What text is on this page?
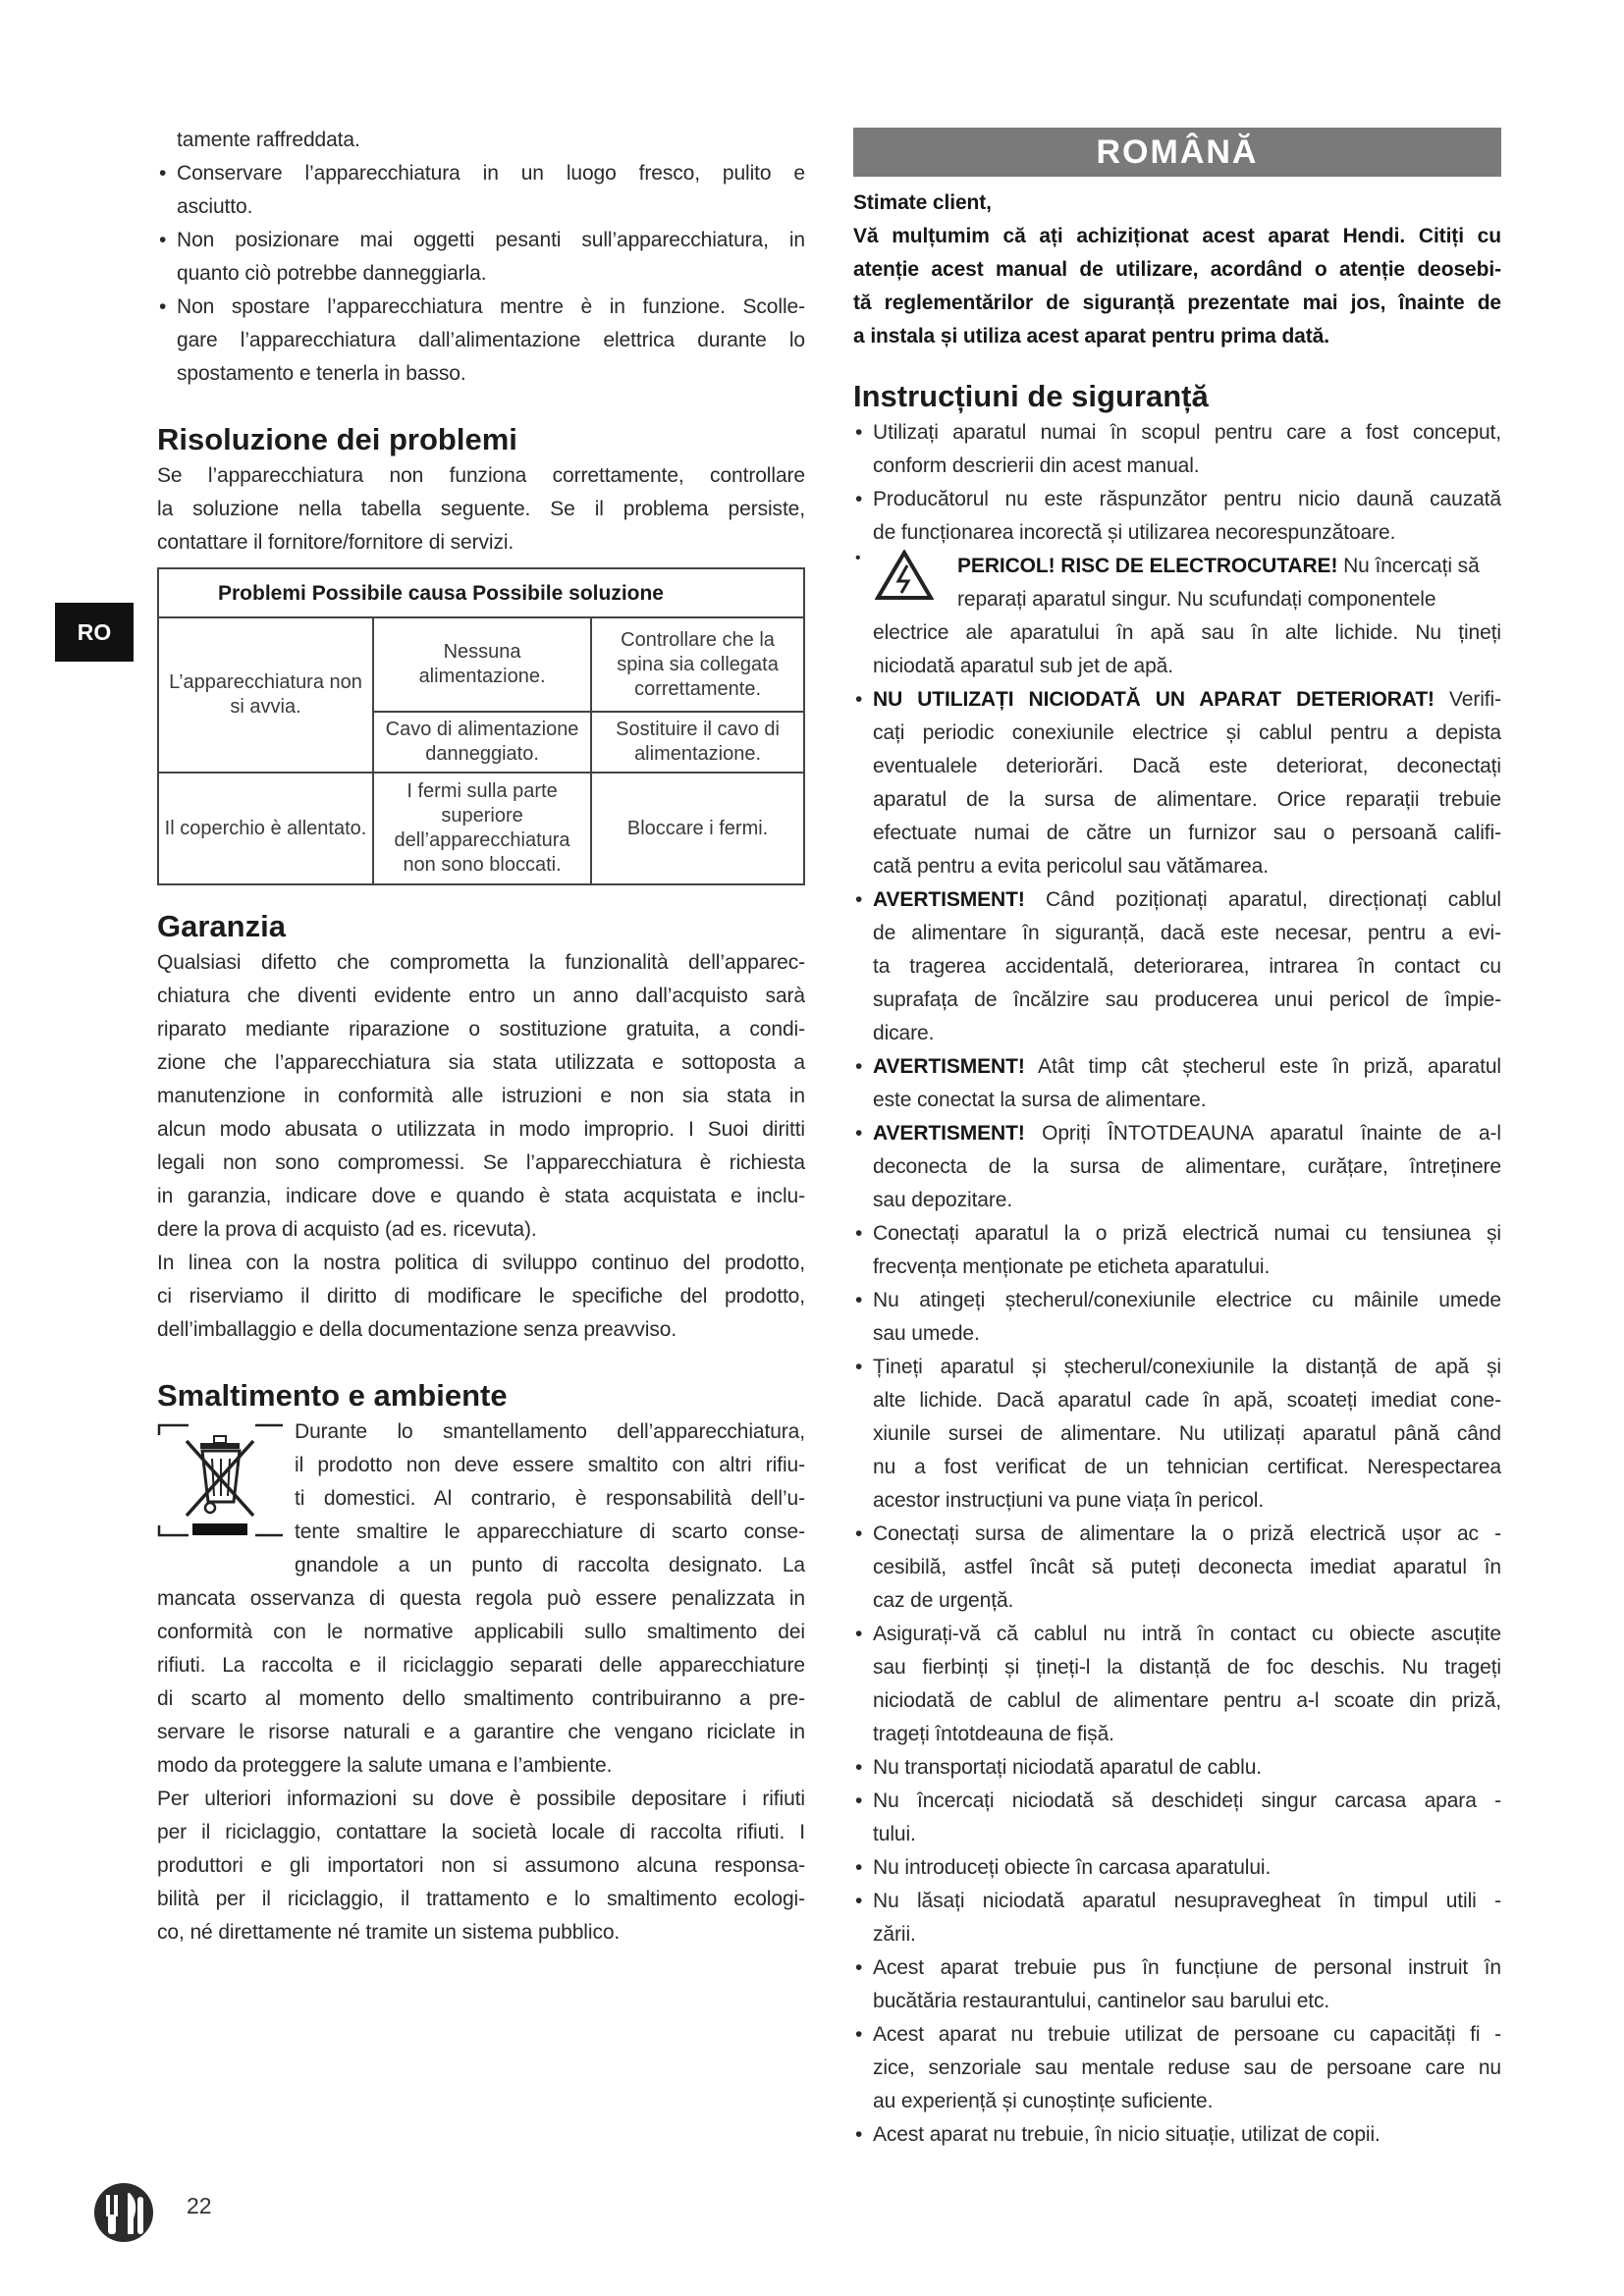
RO
tamente raffreddata.
• Conservare l’apparecchiatura in un luogo fresco, pulito e
asciutto.
• Non posizionare mai oggetti pesanti sull’apparecchiatura, in
quanto ciò potrebbe danneggiarla.
• Non spostare l’apparecchiatura mentre è in funzione. Scolle-
gare l’apparecchiatura dall’alimentazione elettrica durante lo
spostamento e tenerla in basso.
Risoluzione dei problemi
Se l’apparecchiatura non funziona correttamente, controllare
la soluzione nella tabella seguente. Se il problema persiste,
contattare il fornitore/fornitore di servizi.
Problemi Possibile causa Possibile soluzione		
L’apparecchiatura non si avvia.	Nessuna alimentazione.	Controllare che la spina sia collegata correttamente.
	Cavo di alimentazione danneggiato.	Sostituire il cavo di alimentazione.
Il coperchio è allentato.	I fermi sulla parte superiore dell’apparecchiatura non sono bloccati.	Bloccare i fermi.
Garanzia
Qualsiasi difetto che comprometta la funzionalità dell’apparec-
chiatura che diventi evidente entro un anno dall’acquisto sarà
riparato mediante riparazione o sostituzione gratuita, a condi-
zione che l’apparecchiatura sia stata utilizzata e sottoposta a
manutenzione in conformità alle istruzioni e non sia stata in
alcun modo abusata o utilizzata in modo improprio. I Suoi diritti
legali non sono compromessi. Se l’apparecchiatura è richiesta
in garanzia, indicare dove e quando è stata acquistata e inclu-
dere la prova di acquisto (ad es. ricevuta).
In linea con la nostra politica di sviluppo continuo del prodotto,
ci riserviamo il diritto di modificare le specifiche del prodotto,
dell’imballaggio e della documentazione senza preavviso.
Smaltimento e ambiente
Durante lo smantellamento dell’apparecchiatura,
il prodotto non deve essere smaltito con altri rifiu-
ti domestici. Al contrario, è responsabilità dell’u-
tente smaltire le apparecchiature di scarto conse-
gnandole a un punto di raccolta designato. La
mancata osservanza di questa regola può essere penalizzata in
conformità con le normative applicabili sullo smaltimento dei
rifiuti. La raccolta e il riciclaggio separati delle apparecchiature
di scarto al momento dello smaltimento contribuiranno a pre-
servare le risorse naturali e a garantire che vengano riciclate in
modo da proteggere la salute umana e l’ambiente.
Per ulteriori informazioni su dove è possibile depositare i rifiuti
per il riciclaggio, contattare la società locale di raccolta rifiuti. I
produttori e gli importatori non si assumono alcuna responsa-
bilità per il riciclaggio, il trattamento e lo smaltimento ecologi-
co, né direttamente né tramite un sistema pubblico.
ROMÂNĂ
Stimate client,
Vă mulțumim că ați achiziționat acest aparat Hendi. Citiți cu
atenție acest manual de utilizare, acordând o atenție deosebi-
tă reglementărilor de siguranță prezentate mai jos, înainte de
a instala și utiliza acest aparat pentru prima dată.
Instrucțiuni de siguranță
• Utilizați aparatul numai în scopul pentru care a fost conceput,
conform descrierii din acest manual.
• Producătorul nu este răspunzător pentru nicio daună cauzată
de funcționarea incorectă și utilizarea necorespunzătoare.
• PERICOL! RISC DE ELECTROCUTARE! Nu încercați să
reparați aparatul singur. Nu scufundați componentele
electrice ale aparatului în apă sau în alte lichide. Nu țineți
niciodată aparatul sub jet de apă.
• NU UTILIZAȚI NICIODATĂ UN APARAT DETERIORAT! Verifi-
cați periodic conexiunile electrice și cablul pentru a depista
eventualele deteriorări. Dacă este deteriorat, deconectați
aparatul de la sursa de alimentare. Orice reparații trebuie
efectuate numai de către un furnizor sau o persoană califi-
cată pentru a evita pericolul sau vătămarea.
• AVERTISMENT! Când poziționați aparatul, direcționați cablul
de alimentare în siguranță, dacă este necesar, pentru a evi-
ta tragerea accidentală, deteriorarea, intrarea în contact cu
suprafața de încălzire sau producerea unui pericol de împie-
dicare.
• AVERTISMENT! Atât timp cât ștecherul este în priză, aparatul
este conectat la sursa de alimentare.
• AVERTISMENT! Opriți ÎNTOTDEAUNA aparatul înainte de a-l
deconecta de la sursa de alimentare, curățare, întreținere
sau depozitare.
• Conectați aparatul la o priză electrică numai cu tensiunea și
frecvența menționate pe eticheta aparatului.
• Nu atingeți ștecherul/conexiunile electrice cu mâinile umede
sau umede.
• Țineți aparatul și ștecherul/conexiunile la distanță de apă și
alte lichide. Dacă aparatul cade în apă, scoateți imediat cone-
xiunile sursei de alimentare. Nu utilizați aparatul până când
nu a fost verificat de un tehnician certificat. Nerespectarea
acestor instrucțiuni va pune viața în pericol.
• Conectați sursa de alimentare la o priză electrică ușor ac -
cesibilă, astfel încât să puteți deconecta imediat aparatul în
caz de urgență.
• Asigurați-vă că cablul nu intră în contact cu obiecte ascuțite
sau fierbinți și țineți-l la distanță de foc deschis. Nu trageți
niciodată de cablul de alimentare pentru a-l scoate din priză,
trageți întotdeauna de fișă.
• Nu transportați niciodată aparatul de cablu.
• Nu încercați niciodată să deschideți singur carcasa apara -
tului.
• Nu introduceți obiecte în carcasa aparatului.
• Nu lăsați niciodată aparatul nesupravegheat în timpul utili -
zării.
• Acest aparat trebuie pus în funcțiune de personal instruit în
bucătăria restaurantului, cantinelor sau barului etc.
• Acest aparat nu trebuie utilizat de persoane cu capacități fi -
zice, senzoriale sau mentale reduse sau de persoane care nu
au experiență și cunoștințe suficiente.
• Acest aparat nu trebuie, în nicio situație, utilizat de copii.
22
